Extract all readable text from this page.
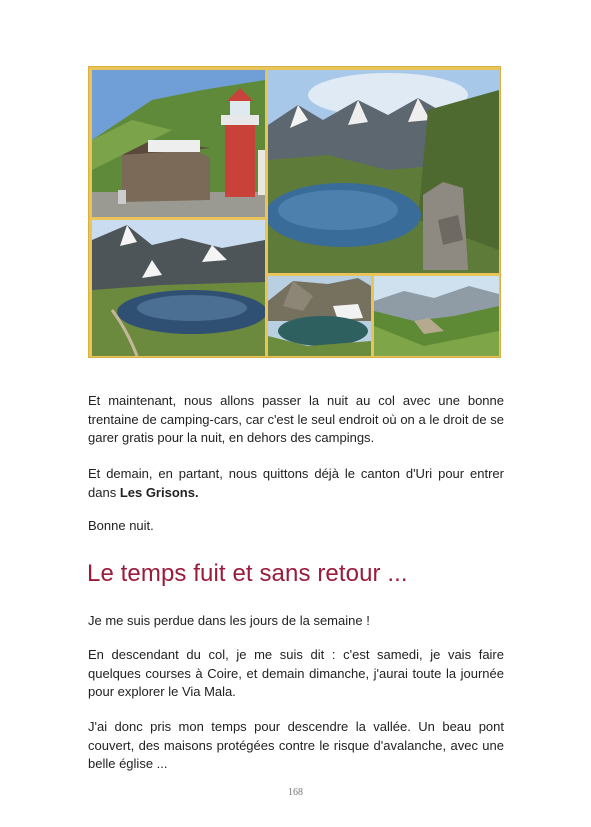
Et maintenant, nous allons passer la nuit au col avec une bonne trentaine de camping-cars, car c'est le seul endroit où on a le droit de se garer gratis pour la nuit, en dehors des campings.

Et demain, en partant, nous quittons déjà le canton d'Uri pour entrer dans Les Grisons.

Bonne nuit.

Le temps fuit et sans retour ...

Je me suis perdue dans les jours de la semaine !

En descendant du col, je me suis dit : c'est samedi, je vais faire quelques courses à Coire, et demain dimanche, j'aurai toute la journée pour explorer le Via Mala.

J'ai donc pris mon temps pour descendre la vallée. Un beau pont couvert, des maisons protégées contre le risque d'avalanche, avec une belle église ...

168
